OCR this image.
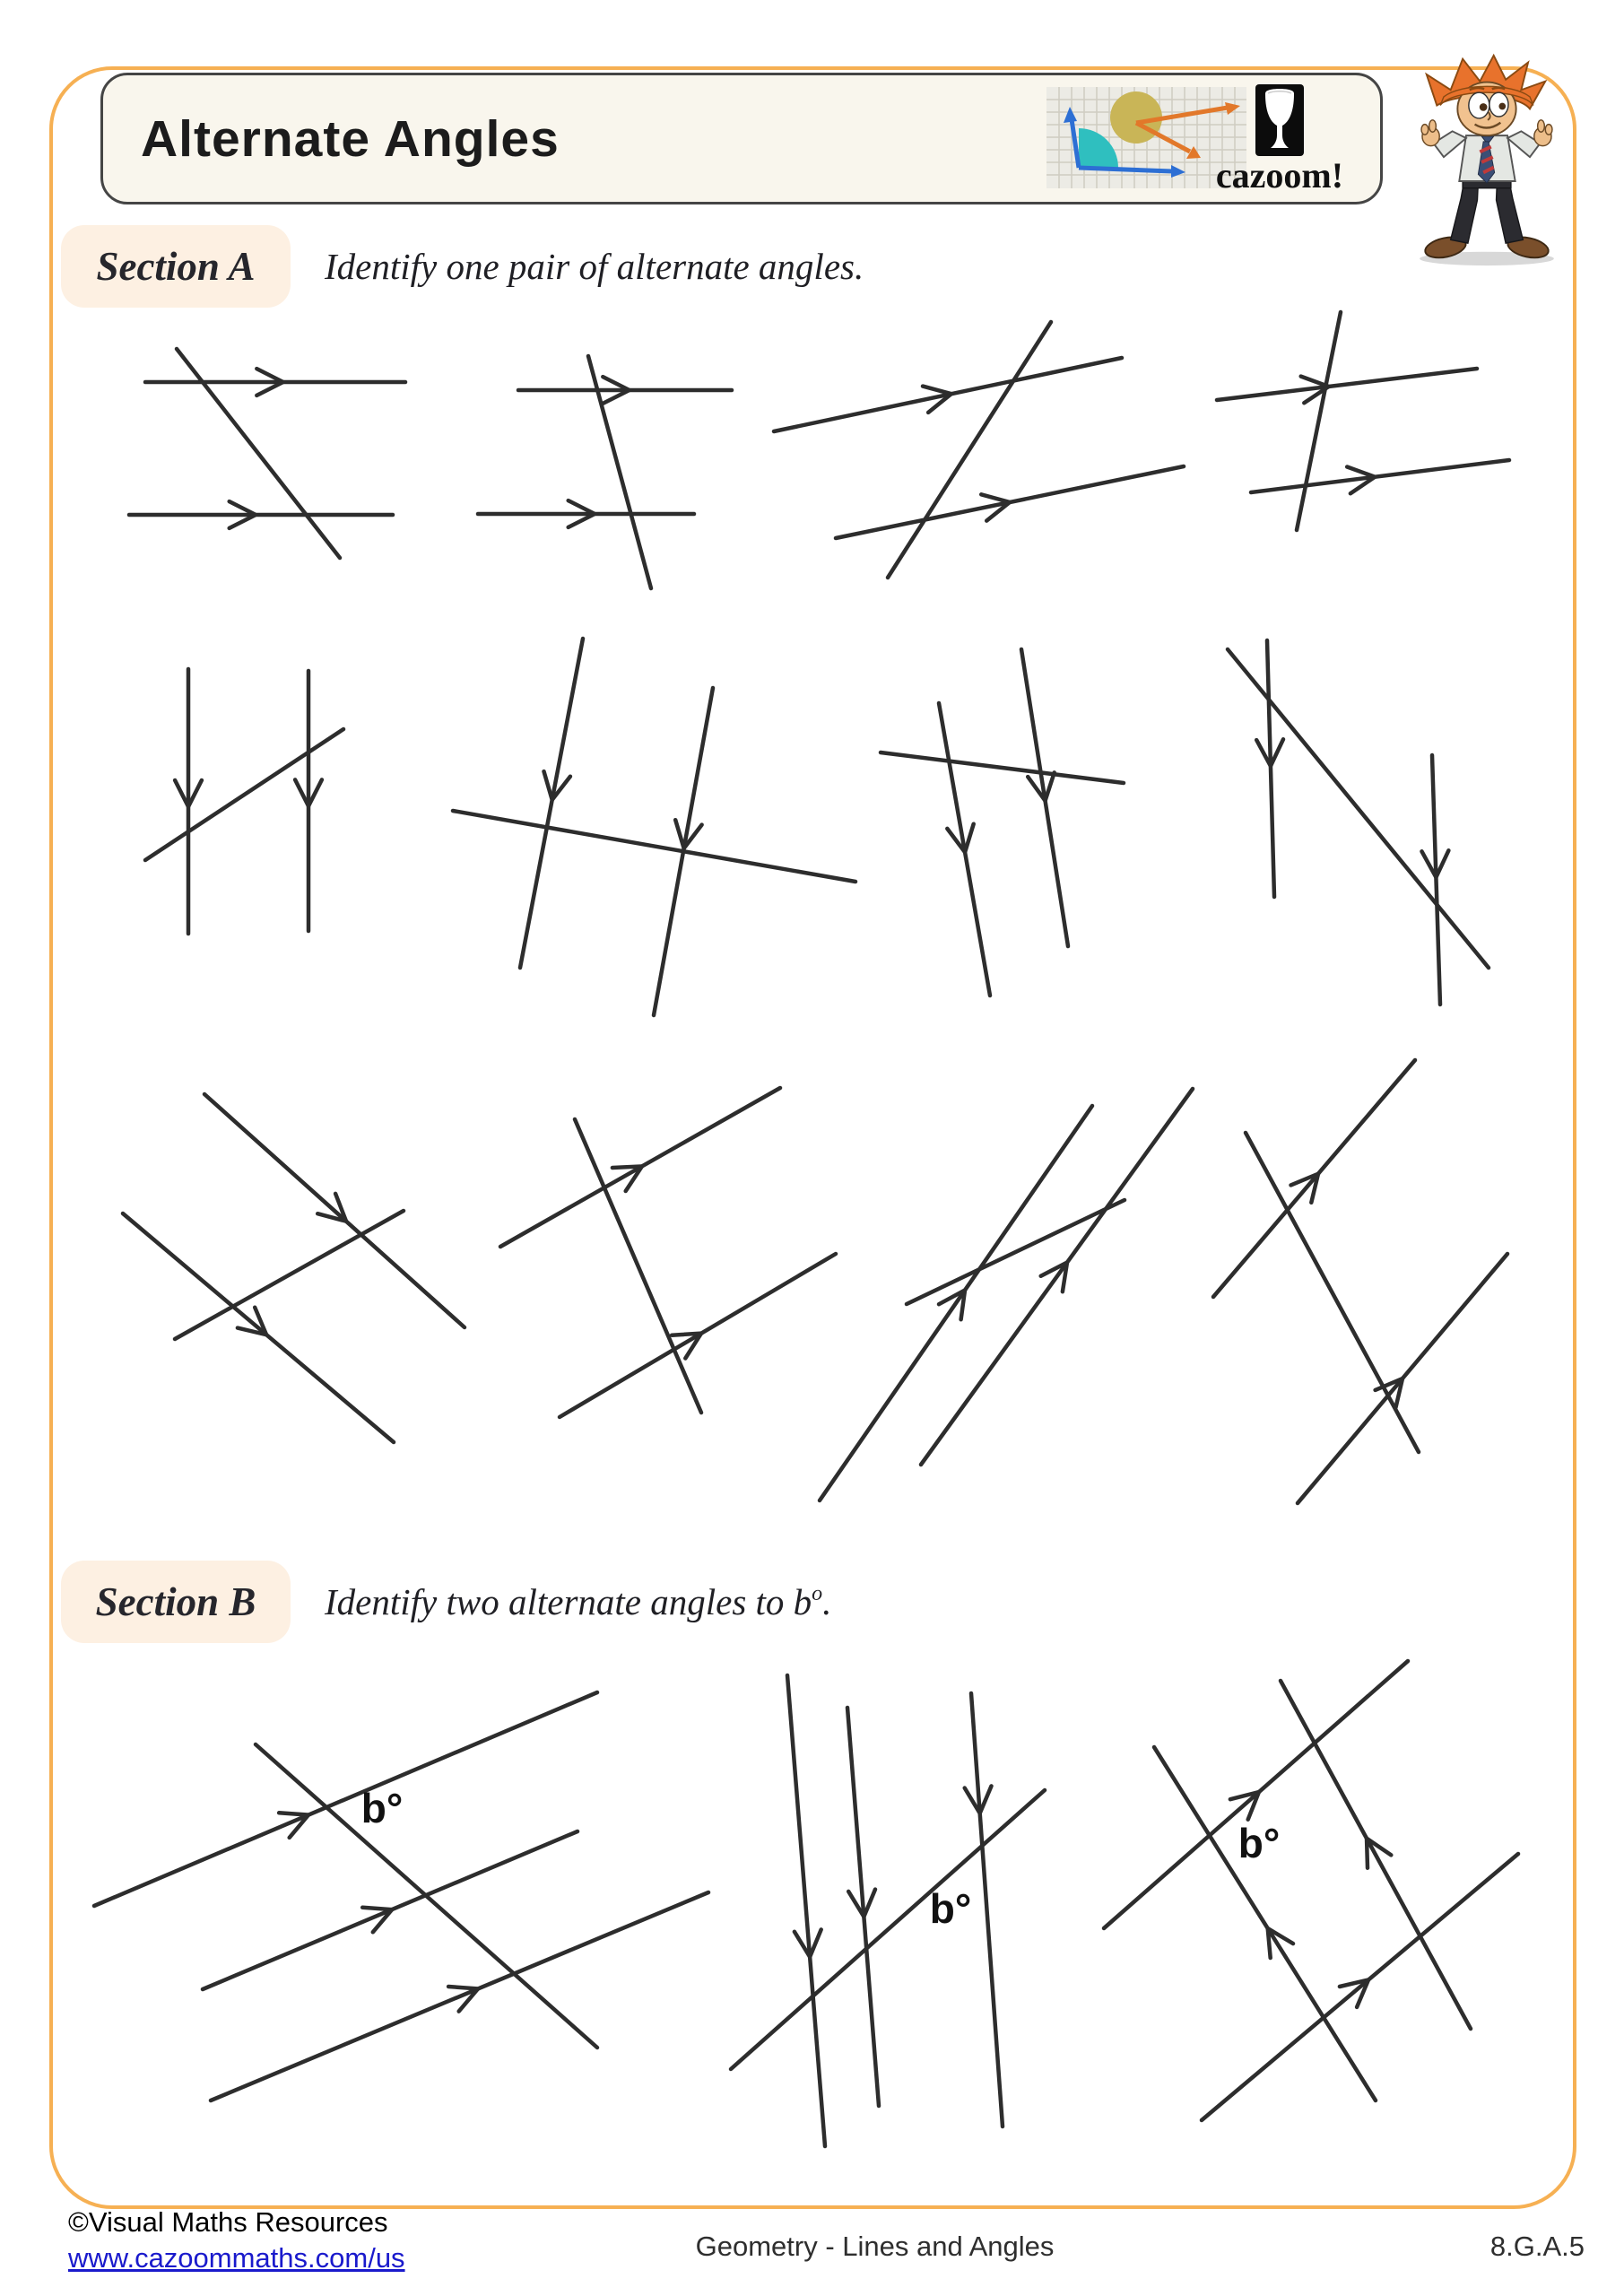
Alternate Angles
cazoom!
Section A	Identify one pair of alternate angles.
Section B	Identify two alternate angles to $b^o$ .
b°
b°
b°
©Visual Maths Resources
www.cazoommaths.com/us	Geometry - Lines and Angles	8.G.A.5
